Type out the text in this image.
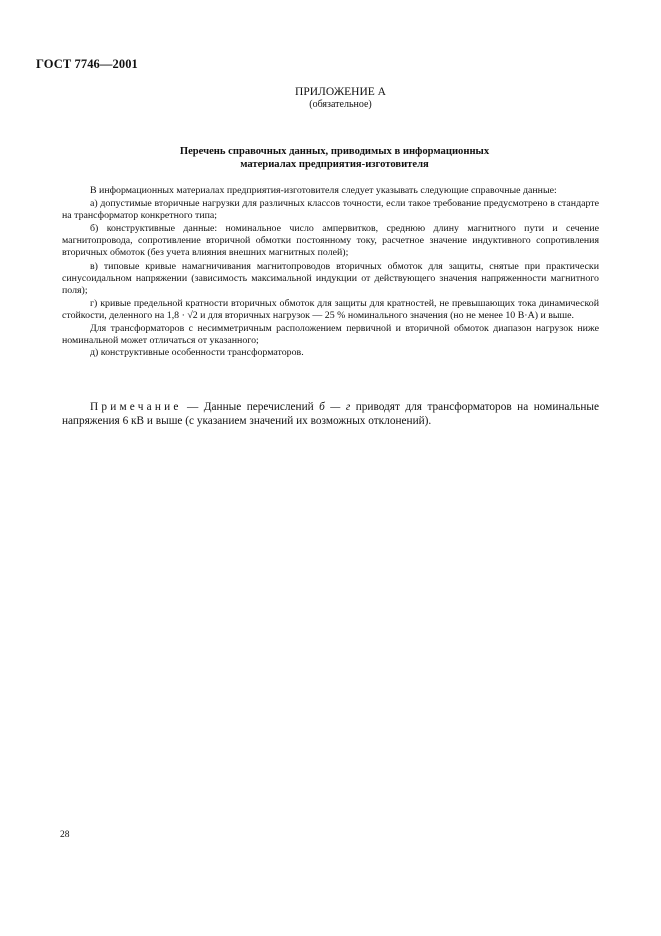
ГОСТ 7746—2001
ПРИЛОЖЕНИЕ А
(обязательное)
Перечень справочных данных, приводимых в информационных
материалах предприятия-изготовителя

В информационных материалах предприятия-изготовителя следует указывать следующие справочные данные:

а) допустимые вторичные нагрузки для различных классов точности, если такое требование предусмотрено в стандарте на трансформатор конкретного типа;

б) конструктивные данные: номинальное число ампервитков, среднюю длину магнитного пути и сечение магнитопровода, сопротивление вторичной обмотки постоянному току, расчетное значение индуктивного сопротивления вторичных обмоток (без учета влияния внешних магнитных полей);

в) типовые кривые намагничивания магнитопроводов вторичных обмоток для защиты, снятые при практически синусоидальном напряжении (зависимость максимальной индукции от действующего значения напряженности магнитного поля);

г) кривые предельной кратности вторичных обмоток для защиты для кратностей, не превышающих тока динамической стойкости, деленного на 1,8 · √2 и для вторичных нагрузок — 25 % номинального значения (но не менее 10 В·А) и выше.

Для трансформаторов с несимметричным расположением первичной и вторичной обмоток диапазон нагрузок ниже номинальной может отличаться от указанного;

д) конструктивные особенности трансформаторов.

Примечание — Данные перечислений б — г приводят для трансформаторов на номинальные напряжения 6 кВ и выше (с указанием значений их возможных отклонений).

28
